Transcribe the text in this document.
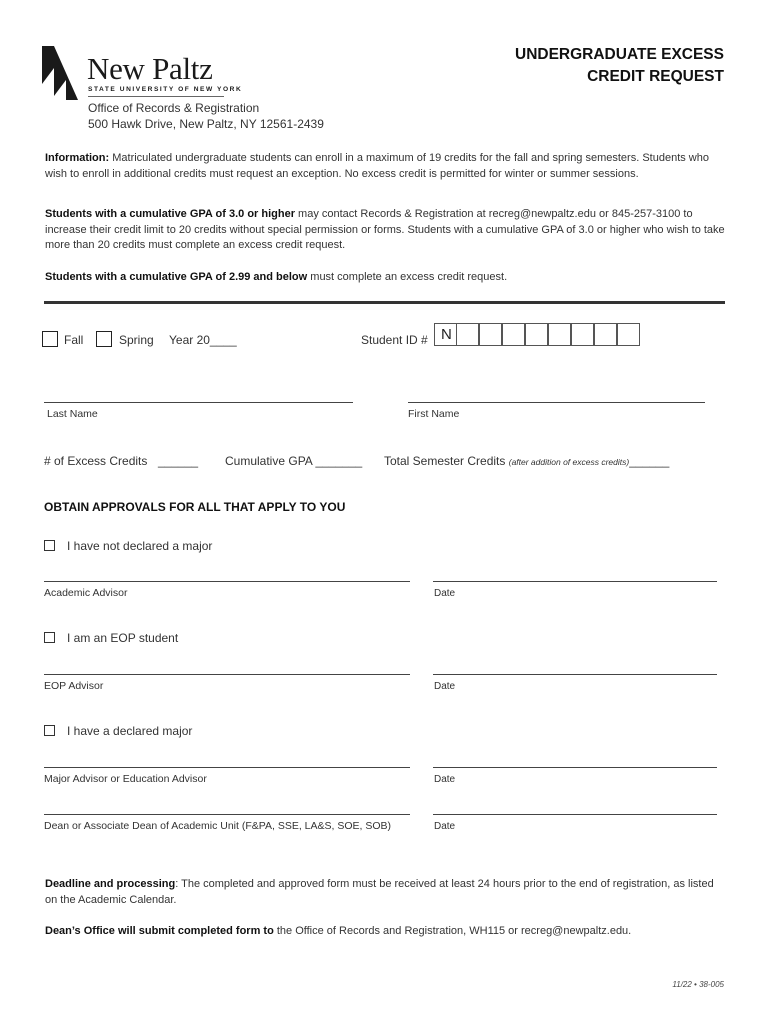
New Paltz
STATE UNIVERSITY OF NEW YORK
Office of Records & Registration
500 Hawk Drive, New Paltz, NY 12561-2439
UNDERGRADUATE EXCESS
CREDIT REQUEST
Information: Matriculated undergraduate students can enroll in a maximum of 19 credits for the fall and spring semesters. Students who wish to enroll in additional credits must request an exception. No excess credit is permitted for winter or summer sessions.
Students with a cumulative GPA of 3.0 or higher may contact Records & Registration at recreg@newpaltz.edu or 845-257-3100 to increase their credit limit to 20 credits without special permission or forms. Students with a cumulative GPA of 3.0 or higher who wish to take more than 20 credits must complete an excess credit request.
Students with a cumulative GPA of 2.99 and below must complete an excess credit request.
Fall	Spring Year 20____	Student ID # N
Last Name	First Name
# of Excess Credits ______ Cumulative GPA _______ Total Semester Credits (after addition of excess credits)______
OBTAIN APPROVALS FOR ALL THAT APPLY TO YOU
I have not declared a major
Academic Advisor	Date
I am an EOP student
EOP Advisor	Date
I have a declared major
Major Advisor or Education Advisor	Date
Dean or Associate Dean of Academic Unit (F&PA, SSE, LA&S, SOE, SOB)	Date
Deadline and processing: The completed and approved form must be received at least 24 hours prior to the end of registration, as listed on the Academic Calendar.
Dean’s Office will submit completed form to the Office of Records and Registration, WH115 or recreg@newpaltz.edu.
11/22 • 38-005
